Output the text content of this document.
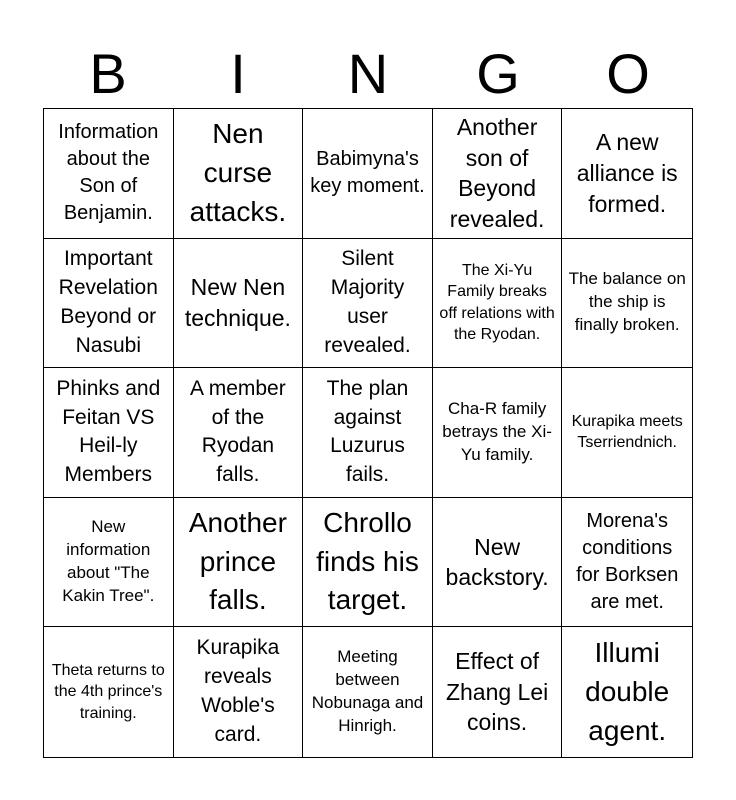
B	I	N	G	O
Information about the Son of Benjamin.
Nen curse attacks.
Babimyna's key moment.
Another son of Beyond revealed.
A new alliance is formed.
Important Revelation Beyond or Nasubi
New Nen technique.
Silent Majority user revealed.
The Xi-Yu Family breaks off relations with the Ryodan.
The balance on the ship is finally broken.
Phinks and Feitan VS Heil-ly Members
A member of the Ryodan falls.
The plan against Luzurus fails.
Cha-R family betrays the Xi-Yu family.
Kurapika meets Tserriendnich.
New information about "The Kakin Tree".
Another prince falls.
Chrollo finds his target.
New backstory.
Morena's conditions for Borksen are met.
Theta returns to the 4th prince's training.
Kurapika reveals Woble's card.
Meeting between Nobunaga and Hinrigh.
Effect of Zhang Lei coins.
Illumi double agent.
